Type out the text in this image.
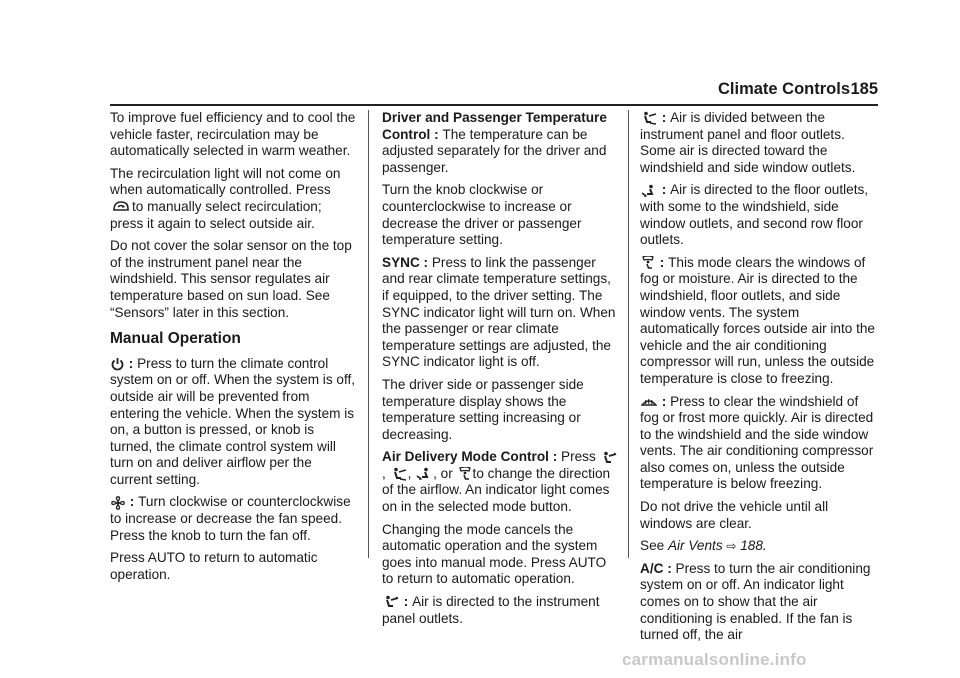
Climate Controls 185

To improve fuel efficiency and to cool the vehicle faster, recirculation may be automatically selected in warm weather.

The recirculation light will not come on when automatically controlled. Press
to manually select recirculation; press it again to select outside air.

Do not cover the solar sensor on the top of the instrument panel near the windshield. This sensor regulates air temperature based on sun load. See “Sensors” later in this section.

Manual Operation

: Press to turn the climate control system on or off. When the system is off, outside air will be prevented from entering the vehicle. When the system is on, a button is pressed, or knob is turned, the climate control system will turn on and deliver airflow per the current setting.

: Turn clockwise or counterclockwise to increase or decrease the fan speed. Press the knob to turn the fan off.

Press AUTO to return to automatic operation.

Driver and Passenger Temperature Control : The temperature can be adjusted separately for the driver and passenger.

Turn the knob clockwise or counterclockwise to increase or decrease the driver or passenger temperature setting.

SYNC : Press to link the passenger and rear climate temperature settings, if equipped, to the driver setting. The SYNC indicator light will turn on. When the passenger or rear climate temperature settings are adjusted, the SYNC indicator light is off.

The driver side or passenger side temperature display shows the temperature setting increasing or decreasing.

Air Delivery Mode Control : Press
, , , or to change the direction of the airflow. An indicator light comes on in the selected mode button.

Changing the mode cancels the automatic operation and the system goes into manual mode. Press AUTO to return to automatic operation.

: Air is directed to the instrument panel outlets.

: Air is divided between the instrument panel and floor outlets. Some air is directed toward the windshield and side window outlets.

: Air is directed to the floor outlets, with some to the windshield, side window outlets, and second row floor outlets.

: This mode clears the windows of fog or moisture. Air is directed to the windshield, floor outlets, and side window vents. The system automatically forces outside air into the vehicle and the air conditioning compressor will run, unless the outside temperature is close to freezing.

: Press to clear the windshield of fog or frost more quickly. Air is directed to the windshield and the side window vents. The air conditioning compressor also comes on, unless the outside temperature is below freezing.

Do not drive the vehicle until all windows are clear.

See Air Vents ⇨ 188.

A/C : Press to turn the air conditioning system on or off. An indicator light comes on to show that the air conditioning is enabled. If the fan is turned off, the air

carmanualsonline.info
